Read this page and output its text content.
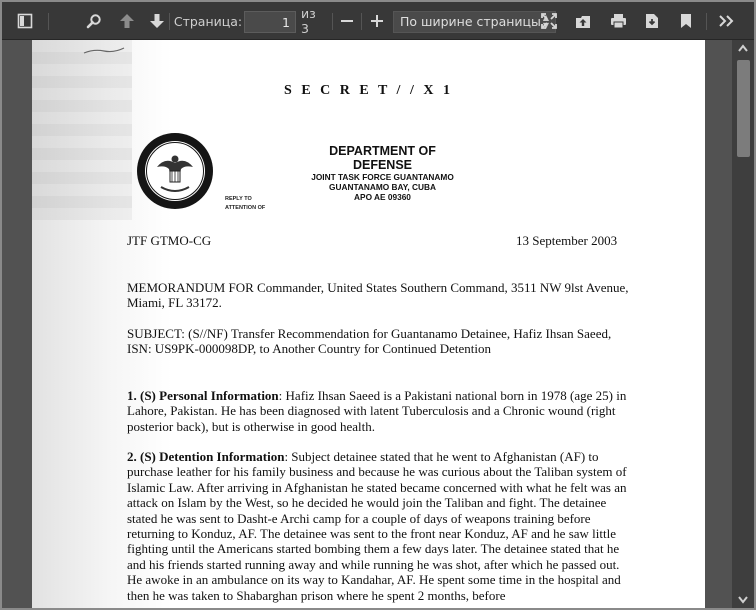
Страница:
1	из 3	По ширине страницы ▲
▼
S E C R E T / / X 1
DEPARTMENT OF DEFENSE
JOINT TASK FORCE GUANTANAMO
GUANTANAMO BAY, CUBA
APO AE 09360
REPLY TO
ATTENTION OF
JTF GTMO-CG	13 September 2003
MEMORANDUM FOR Commander, United States Southern Command, 3511 NW 9lst Avenue, Miami, FL 33172.
SUBJECT: (S//NF) Transfer Recommendation for Guantanamo Detainee, Hafiz Ihsan Saeed, ISN: US9PK-000098DP, to Another Country for Continued Detention
1. (S) Personal Information: Hafiz Ihsan Saeed is a Pakistani national born in 1978 (age 25) in Lahore, Pakistan. He has been diagnosed with latent Tuberculosis and a Chronic wound (right posterior back), but is otherwise in good health.
2. (S) Detention Information: Subject detainee stated that he went to Afghanistan (AF) to purchase leather for his family business and because he was curious about the Taliban system of Islamic Law. After arriving in Afghanistan he stated became concerned with what he felt was an attack on Islam by the West, so he decided he would join the Taliban and fight. The detainee stated he was sent to Dasht-e Archi camp for a couple of days of weapons training before returning to Konduz, AF. The detainee was sent to the front near Konduz, AF and he saw little fighting until the Americans started bombing them a few days later. The detainee stated that he and his friends started running away and while running he was shot, after which he passed out. He awoke in an ambulance on its way to Kandahar, AF. He spent some time in the hospital and then he was taken to Shabarghan prison where he spent 2 months, before
